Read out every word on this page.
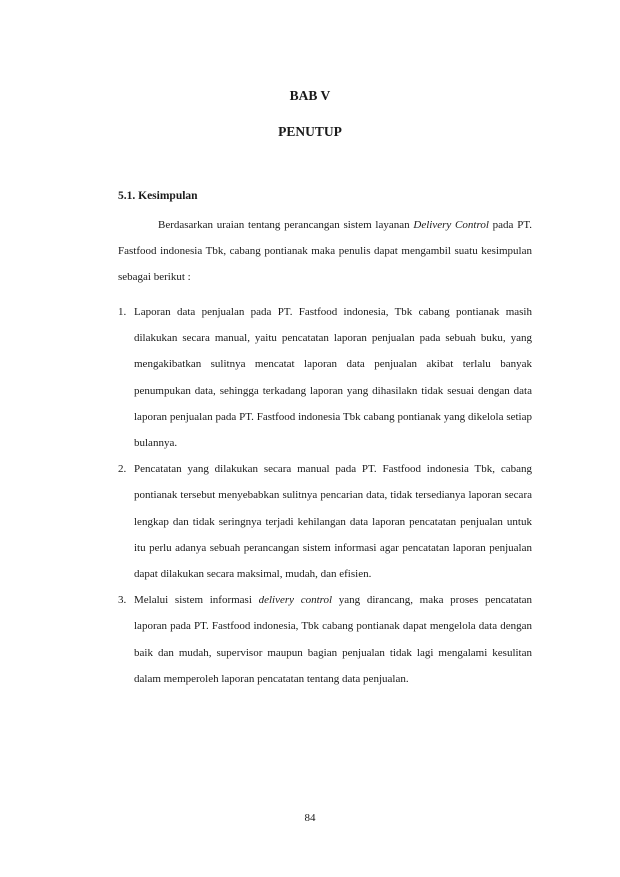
BAB V
PENUTUP
5.1. Kesimpulan

Berdasarkan uraian tentang perancangan sistem layanan Delivery Control pada PT. Fastfood indonesia Tbk, cabang pontianak maka penulis dapat mengambil suatu kesimpulan sebagai berikut :

1. Laporan data penjualan pada PT. Fastfood indonesia, Tbk cabang pontianak masih dilakukan secara manual, yaitu pencatatan laporan penjualan pada sebuah buku, yang mengakibatkan sulitnya mencatat laporan data penjualan akibat terlalu banyak penumpukan data, sehingga terkadang laporan yang dihasilakn tidak sesuai dengan data laporan penjualan pada PT. Fastfood indonesia Tbk cabang pontianak yang dikelola setiap bulannya.
2. Pencatatan yang dilakukan secara manual pada PT. Fastfood indonesia Tbk, cabang pontianak tersebut menyebabkan sulitnya pencarian data, tidak tersedianya laporan secara lengkap dan tidak seringnya terjadi kehilangan data laporan pencatatan penjualan untuk itu perlu adanya sebuah perancangan sistem informasi agar pencatatan laporan penjualan dapat dilakukan secara maksimal, mudah, dan efisien.
3. Melalui sistem informasi delivery control yang dirancang, maka proses pencatatan laporan pada PT. Fastfood indonesia, Tbk cabang pontianak dapat mengelola data dengan baik dan mudah, supervisor maupun bagian penjualan tidak lagi mengalami kesulitan dalam memperoleh laporan pencatatan tentang data penjualan.
84
